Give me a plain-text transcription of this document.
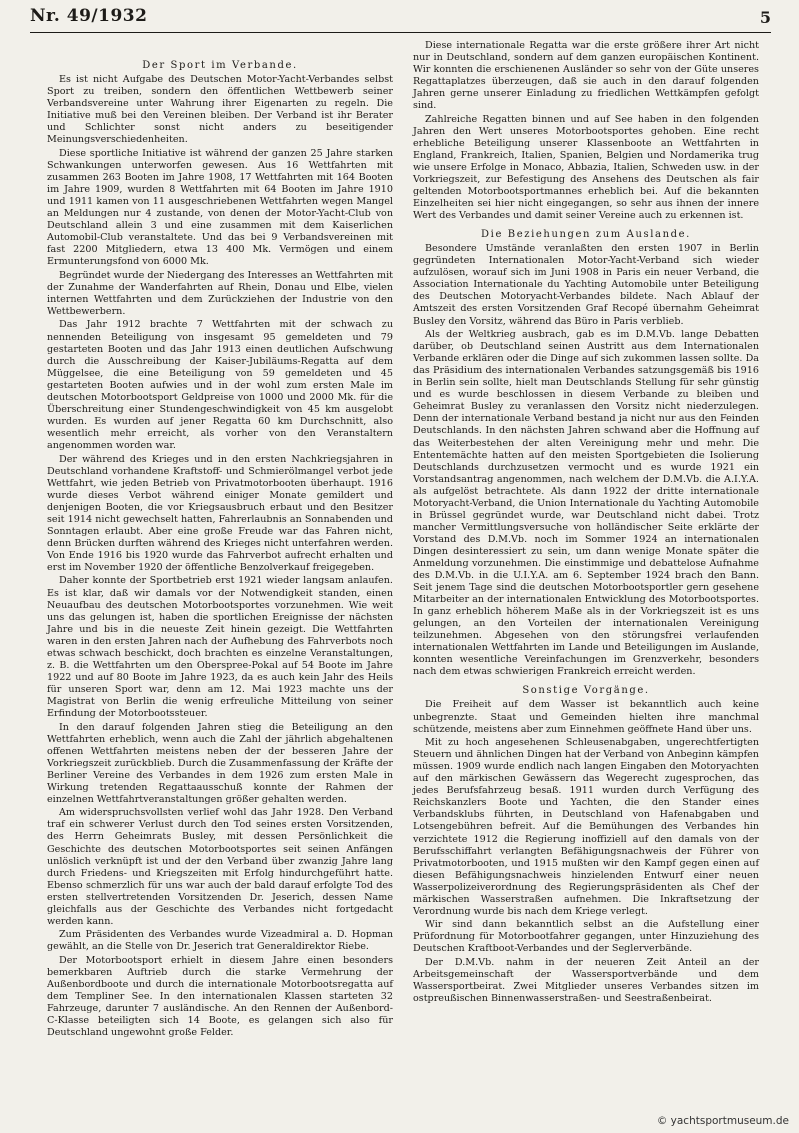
Nr. 49/1932	5
Der Sport im Verbande.

Es ist nicht Aufgabe des Deutschen Motor-Yacht-Verbandes selbst Sport zu treiben, sondern den öffentlichen Wettbewerb seiner Verbandsvereine unter Wahrung ihrer Eigenarten zu regeln. Die Initiative muß bei den Vereinen bleiben. Der Verband ist ihr Berater und Schlichter sonst nicht anders zu beseitigender Meinungsverschiedenheiten.

Diese sportliche Initiative ist während der ganzen 25 Jahre starken Schwankungen unterworfen gewesen. Aus 16 Wettfahrten mit zusammen 263 Booten im Jahre 1908, 17 Wettfahrten mit 164 Booten im Jahre 1909, wurden 8 Wettfahrten mit 64 Booten im Jahre 1910 und 1911 kamen von 11 ausgeschriebenen Wettfahrten wegen Mangel an Meldungen nur 4 zustande, von denen der Motor-Yacht-Club von Deutschland allein 3 und eine zusammen mit dem Kaiserlichen Automobil-Club veranstaltete. Und das bei 9 Verbandsvereinen mit fast 2200 Mitgliedern, etwa 13 400 Mk. Vermögen und einem Ermunterungsfond von 6000 Mk.

Begründet wurde der Niedergang des Interesses an Wettfahrten mit der Zunahme der Wanderfahrten auf Rhein, Donau und Elbe, vielen internen Wettfahrten und dem Zurückziehen der Industrie von den Wettbewerbern.

Das Jahr 1912 brachte 7 Wettfahrten mit der schwach zu nennenden Beteiligung von insgesamt 95 gemeldeten und 79 gestarteten Booten und das Jahr 1913 einen deutlichen Aufschwung durch die Ausschreibung der Kaiser-Jubiläums-Regatta auf dem Müggelsee, die eine Beteiligung von 59 gemeldeten und 45 gestarteten Booten aufwies und in der wohl zum ersten Male im deutschen Motorbootsport Geldpreise von 1000 und 2000 Mk. für die Überschreitung einer Stundengeschwindigkeit von 45 km ausgelobt wurden. Es wurden auf jener Regatta 60 km Durchschnitt, also wesentlich mehr erreicht, als vorher von den Veranstaltern angenommen worden war.

Der während des Krieges und in den ersten Nachkriegsjahren in Deutschland vorhandene Kraftstoff- und Schmierölmangel verbot jede Wettfahrt, wie jeden Betrieb von Privatmotorbooten überhaupt. 1916 wurde dieses Verbot während einiger Monate gemildert und denjenigen Booten, die vor Kriegsausbruch erbaut und den Besitzer seit 1914 nicht gewechselt hatten, Fahrerlaubnis an Sonnabenden und Sonntagen erlaubt. Aber eine große Freude war das Fahren nicht, denn Brücken durften während des Krieges nicht unterfahren werden. Von Ende 1916 bis 1920 wurde das Fahrverbot aufrecht erhalten und erst im November 1920 der öffentliche Benzolverkauf freigegeben.

Daher konnte der Sportbetrieb erst 1921 wieder langsam anlaufen. Es ist klar, daß wir damals vor der Notwendigkeit standen, einen Neuaufbau des deutschen Motorbootsportes vorzunehmen. Wie weit uns das gelungen ist, haben die sportlichen Ereignisse der nächsten Jahre und bis in die neueste Zeit hinein gezeigt. Die Wettfahrten waren in den ersten Jahren nach der Aufhebung des Fahrverbots noch etwas schwach beschickt, doch brachten es einzelne Veranstaltungen, z. B. die Wettfahrten um den Oberspree-Pokal auf 54 Boote im Jahre 1922 und auf 80 Boote im Jahre 1923, da es auch kein Jahr des Heils für unseren Sport war, denn am 12. Mai 1923 machte uns der Magistrat von Berlin die wenig erfreuliche Mitteilung von seiner Erfindung der Motorbootssteuer.

In den darauf folgenden Jahren stieg die Beteiligung an den Wettfahrten erheblich, wenn auch die Zahl der jährlich abgehaltenen offenen Wettfahrten meistens neben der der besseren Jahre der Vorkriegszeit zurückblieb. Durch die Zusammenfassung der Kräfte der Berliner Vereine des Verbandes in dem 1926 zum ersten Male in Wirkung tretenden Regattaausschuß konnte der Rahmen der einzelnen Wettfahrtveranstaltungen größer gehalten werden.

Am widerspruchsvollsten verlief wohl das Jahr 1928. Den Verband traf ein schwerer Verlust durch den Tod seines ersten Vorsitzenden, des Herrn Geheimrats Busley, mit dessen Persönlichkeit die Geschichte des deutschen Motorbootsportes seit seinen Anfängen unlöslich verknüpft ist und der den Verband über zwanzig Jahre lang durch Friedens- und Kriegszeiten mit Erfolg hindurchgeführt hatte. Ebenso schmerzlich für uns war auch der bald darauf erfolgte Tod des ersten stellvertretenden Vorsitzenden Dr. Jeserich, dessen Name gleichfalls aus der Geschichte des Verbandes nicht fortgedacht werden kann.

Zum Präsidenten des Verbandes wurde Vizeadmiral a. D. Hopman gewählt, an die Stelle von Dr. Jeserich trat Generaldirektor Riebe.

Der Motorbootsport erhielt in diesem Jahre einen besonders bemerkbaren Auftrieb durch die starke Vermehrung der Außenbordboote und durch die internationale Motorbootsregatta auf dem Templiner See. In den internationalen Klassen starteten 32 Fahrzeuge, darunter 7 ausländische. An den Rennen der Außenbord-C-Klasse beteiligten sich 14 Boote, es gelangen sich also für Deutschland ungewohnt große Felder.

Diese internationale Regatta war die erste größere ihrer Art nicht nur in Deutschland, sondern auf dem ganzen europäischen Kontinent. Wir konnten die erschienenen Ausländer so sehr von der Güte unseres Regattaplatzes überzeugen, daß sie auch in den darauf folgenden Jahren gerne unserer Einladung zu friedlichen Wettkämpfen gefolgt sind.

Zahlreiche Regatten binnen und auf See haben in den folgenden Jahren den Wert unseres Motorbootsportes gehoben. Eine recht erhebliche Beteiligung unserer Klassenboote an Wettfahrten in England, Frankreich, Italien, Spanien, Belgien und Nordamerika trug wie unsere Erfolge in Monaco, Abbazia, Italien, Schweden usw. in der Vorkriegszeit, zur Befestigung des Ansehens des Deutschen als fair geltenden Motorbootsportmannes erheblich bei. Auf die bekannten Einzelheiten sei hier nicht eingegangen, so sehr aus ihnen der innere Wert des Verbandes und damit seiner Vereine auch zu erkennen ist.

Die Beziehungen zum Auslande.

Besondere Umstände veranlaßten den ersten 1907 in Berlin gegründeten Internationalen Motor-Yacht-Verband sich wieder aufzulösen, worauf sich im Juni 1908 in Paris ein neuer Verband, die Association Internationale du Yachting Automobile unter Beteiligung des Deutschen Motoryacht-Verbandes bildete. Nach Ablauf der Amtszeit des ersten Vorsitzenden Graf Recopé übernahm Geheimrat Busley den Vorsitz, während das Büro in Paris verblieb.

Als der Weltkrieg ausbrach, gab es im D.M.Vb. lange Debatten darüber, ob Deutschland seinen Austritt aus dem Internationalen Verbande erklären oder die Dinge auf sich zukommen lassen sollte. Da das Präsidium des internationalen Verbandes satzungsgemäß bis 1916 in Berlin sein sollte, hielt man Deutschlands Stellung für sehr günstig und es wurde beschlossen in diesem Verbande zu bleiben und Geheimrat Busley zu veranlassen den Vorsitz nicht niederzulegen. Denn der internationale Verband bestand ja nicht nur aus den Feinden Deutschlands. In den nächsten Jahren schwand aber die Hoffnung auf das Weiterbestehen der alten Vereinigung mehr und mehr. Die Ententemächte hatten auf den meisten Sportgebieten die Isolierung Deutschlands durchzusetzen vermocht und es wurde 1921 ein Vorstandsantrag angenommen, nach welchem der D.M.Vb. die A.I.Y.A. als aufgelöst betrachtete. Als dann 1922 der dritte internationale Motoryacht-Verband, die Union Internationale du Yachting Automobile in Brüssel gegründet wurde, war Deutschland nicht dabei. Trotz mancher Vermittlungsversuche von holländischer Seite erklärte der Vorstand des D.M.Vb. noch im Sommer 1924 an internationalen Dingen desinteressiert zu sein, um dann wenige Monate später die Anmeldung vorzunehmen. Die einstimmige und debattelose Aufnahme des D.M.Vb. in die U.I.Y.A. am 6. September 1924 brach den Bann. Seit jenem Tage sind die deutschen Motorbootsportler gern gesehene Mitarbeiter an der internationalen Entwicklung des Motorbootsportes. In ganz erheblich höherem Maße als in der Vorkriegszeit ist es uns gelungen, an den Vorteilen der internationalen Vereinigung teilzunehmen. Abgesehen von den störungsfrei verlaufenden internationalen Wettfahrten im Lande und Beteiligungen im Auslande, konnten wesentliche Vereinfachungen im Grenzverkehr, besonders nach dem etwas schwierigen Frankreich erreicht werden.

Sonstige Vorgänge.

Die Freiheit auf dem Wasser ist bekanntlich auch keine unbegrenzte. Staat und Gemeinden hielten ihre manchmal schützende, meistens aber zum Einnehmen geöffnete Hand über uns.

Mit zu hoch angesehenen Schleusenabgaben, ungerechtfertigten Steuern und ähnlichen Dingen hat der Verband von Anbeginn kämpfen müssen. 1909 wurde endlich nach langen Eingaben den Motoryachten auf den märkischen Gewässern das Wegerecht zugesprochen, das jedes Berufsfahrzeug besaß. 1911 wurden durch Verfügung des Reichskanzlers Boote und Yachten, die den Stander eines Verbandsklubs führten, in Deutschland von Hafenabgaben und Lotsengebühren befreit. Auf die Bemühungen des Verbandes hin verzichtete 1912 die Regierung inoffiziell auf den damals von der Berufsschiffahrt verlangten Befähigungsnachweis der Führer von Privatmotorbooten, und 1915 mußten wir den Kampf gegen einen auf diesen Befähigungsnachweis hinzielenden Entwurf einer neuen Wasserpolizeiverordnung des Regierungspräsidenten als Chef der märkischen Wasserstraßen aufnehmen. Die Inkraftsetzung der Verordnung wurde bis nach dem Kriege verlegt.

Wir sind dann bekanntlich selbst an die Aufstellung einer Prüfordnung für Motorbootfahrer gegangen, unter Hinzuziehung des Deutschen Kraftboot-Verbandes und der Seglerverbände.

Der D.M.Vb. nahm in der neueren Zeit Anteil an der Arbeitsgemeinschaft der Wassersportverbände und dem Wassersportbeirat. Zwei Mitglieder unseres Verbandes sitzen im ostpreußischen Binnenwasserstraßen- und Seestraßenbeirat.

© yachtsportmuseum.de
